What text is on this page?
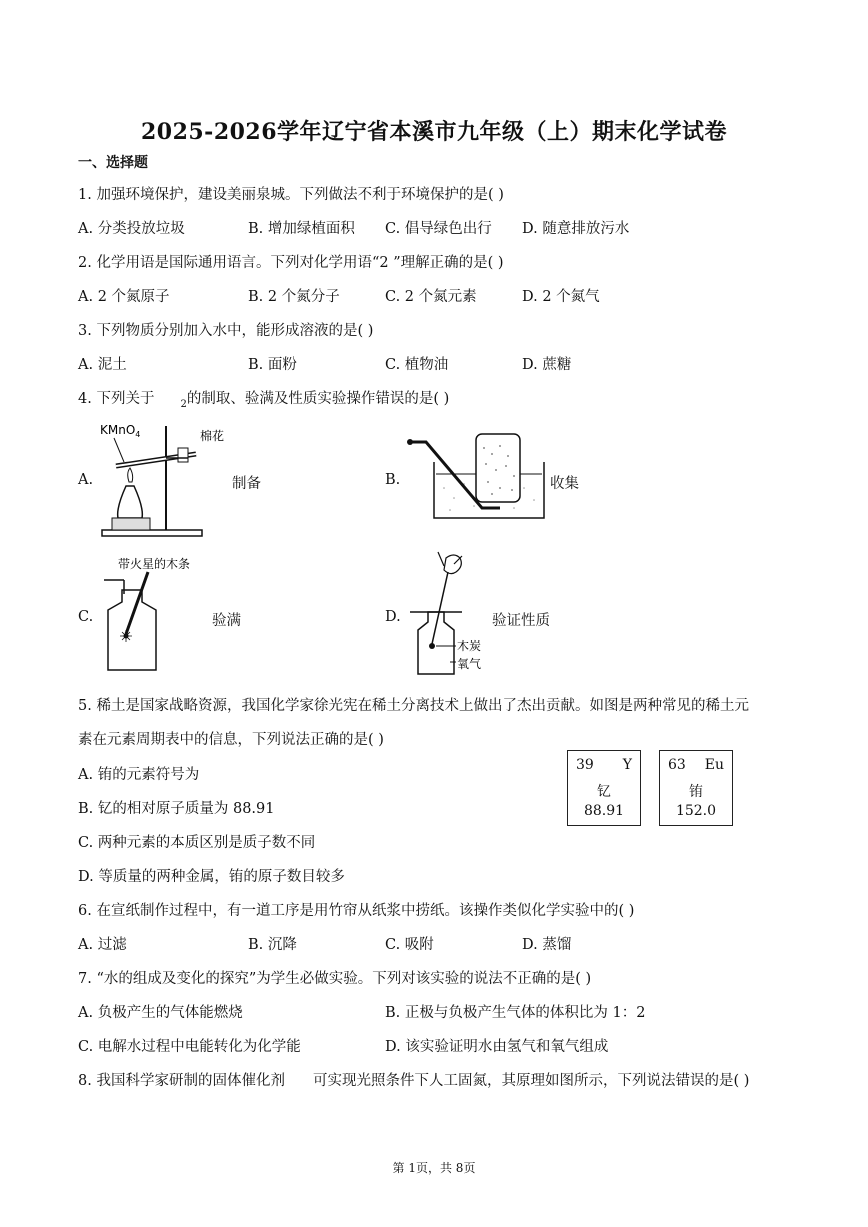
2025-2026学年辽宁省本溪市九年级（上）期末化学试卷
一、选择题
1. 加强环境保护，建设美丽泉城。下列做法不利于环境保护的是( )
A. 分类投放垃圾	B. 增加绿植面积 C. 倡导绿色出行 D. 随意排放污水
2. 化学用语是国际通用语言。下列对化学用语“2 ”理解正确的是( )
A. 2 个氮原子	B. 2 个氮分子	C. 2 个氮元素	D. 2 个氮气
3. 下列物质分别加入水中，能形成溶液的是( )
A. 泥土	B. 面粉	C. 植物油	D. 蔗糖
4. 下列关于	$_2$的制取、验满及性质实验操作错误的是( )
A.
KMnO$_4$	棉花
制备	B.	收集
C.
带火星的木条
验满	D.
木炭
氧气
验证性质
5. 稀土是国家战略资源，我国化学家徐光宪在稀土分离技术上做出了杰出贡献。如图是两种常见的稀土元
素在元素周期表中的信息，下列说法正确的是( )
A. 铕的元素符号为
B. 钇的相对原子质量为 88.91
C. 两种元素的本质区别是质子数不同
D. 等质量的两种金属，铕的原子数目较多
39 Y
钇
88.91
63 Eu
铕
152.0
6. 在宣纸制作过程中，有一道工序是用竹帘从纸浆中捞纸。该操作类似化学实验中的( )
A. 过滤	B. 沉降	C. 吸附	D. 蒸馏
7. “水的组成及变化的探究”为学生必做实验。下列对该实验的说法不正确的是( )
A. 负极产生的气体能燃烧	B. 正极与负极产生气体的体积比为 1：2
C. 电解水过程中电能转化为化学能	D. 该实验证明水由氢气和氧气组成
8. 我国科学家研制的固体催化剂 可实现光照条件下人工固氮，其原理如图所示，下列说法错误的是( )
第 1页，共 8页
